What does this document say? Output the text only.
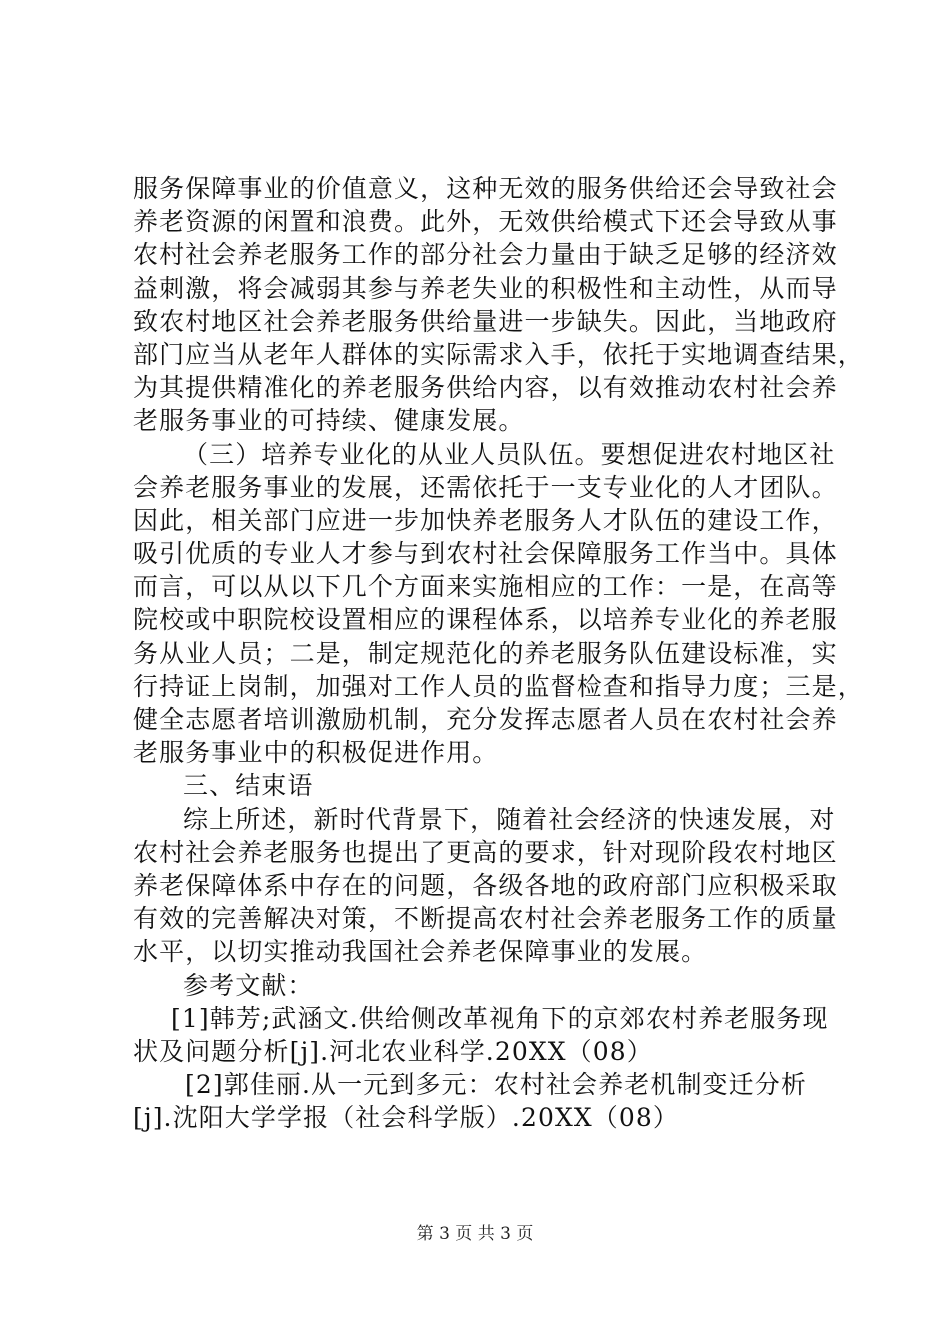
服务保障事业的价值意义，这种无效的服务供给还会导致社会
养老资源的闲置和浪费。此外，无效供给模式下还会导致从事
农村社会养老服务工作的部分社会力量由于缺乏足够的经济效
益刺激，将会减弱其参与养老失业的积极性和主动性，从而导
致农村地区社会养老服务供给量进一步缺失。因此，当地政府
部门应当从老年人群体的实际需求入手，依托于实地调查结果，
为其提供精准化的养老服务供给内容，以有效推动农村社会养
老服务事业的可持续、健康发展。
（三）培养专业化的从业人员队伍。要想促进农村地区社
会养老服务事业的发展，还需依托于一支专业化的人才团队。
因此，相关部门应进一步加快养老服务人才队伍的建设工作，
吸引优质的专业人才参与到农村社会保障服务工作当中。具体
而言，可以从以下几个方面来实施相应的工作：一是，在高等
院校或中职院校设置相应的课程体系，以培养专业化的养老服
务从业人员；二是，制定规范化的养老服务队伍建设标准，实
行持证上岗制，加强对工作人员的监督检查和指导力度；三是，
健全志愿者培训激励机制，充分发挥志愿者人员在农村社会养
老服务事业中的积极促进作用。
三、结束语
综上所述，新时代背景下，随着社会经济的快速发展，对
农村社会养老服务也提出了更高的要求，针对现阶段农村地区
养老保障体系中存在的问题，各级各地的政府部门应积极采取
有效的完善解决对策，不断提高农村社会养老服务工作的质量
水平，以切实推动我国社会养老保障事业的发展。
参考文献：
[1]韩芳;武涵文.供给侧改革视角下的京郊农村养老服务现
状及问题分析[j].河北农业科学.20XX（08）
[2]郭佳丽.从一元到多元：农村社会养老机制变迁分析
[j].沈阳大学学报（社会科学版）.20XX（08）
第 3 页 共 3 页
